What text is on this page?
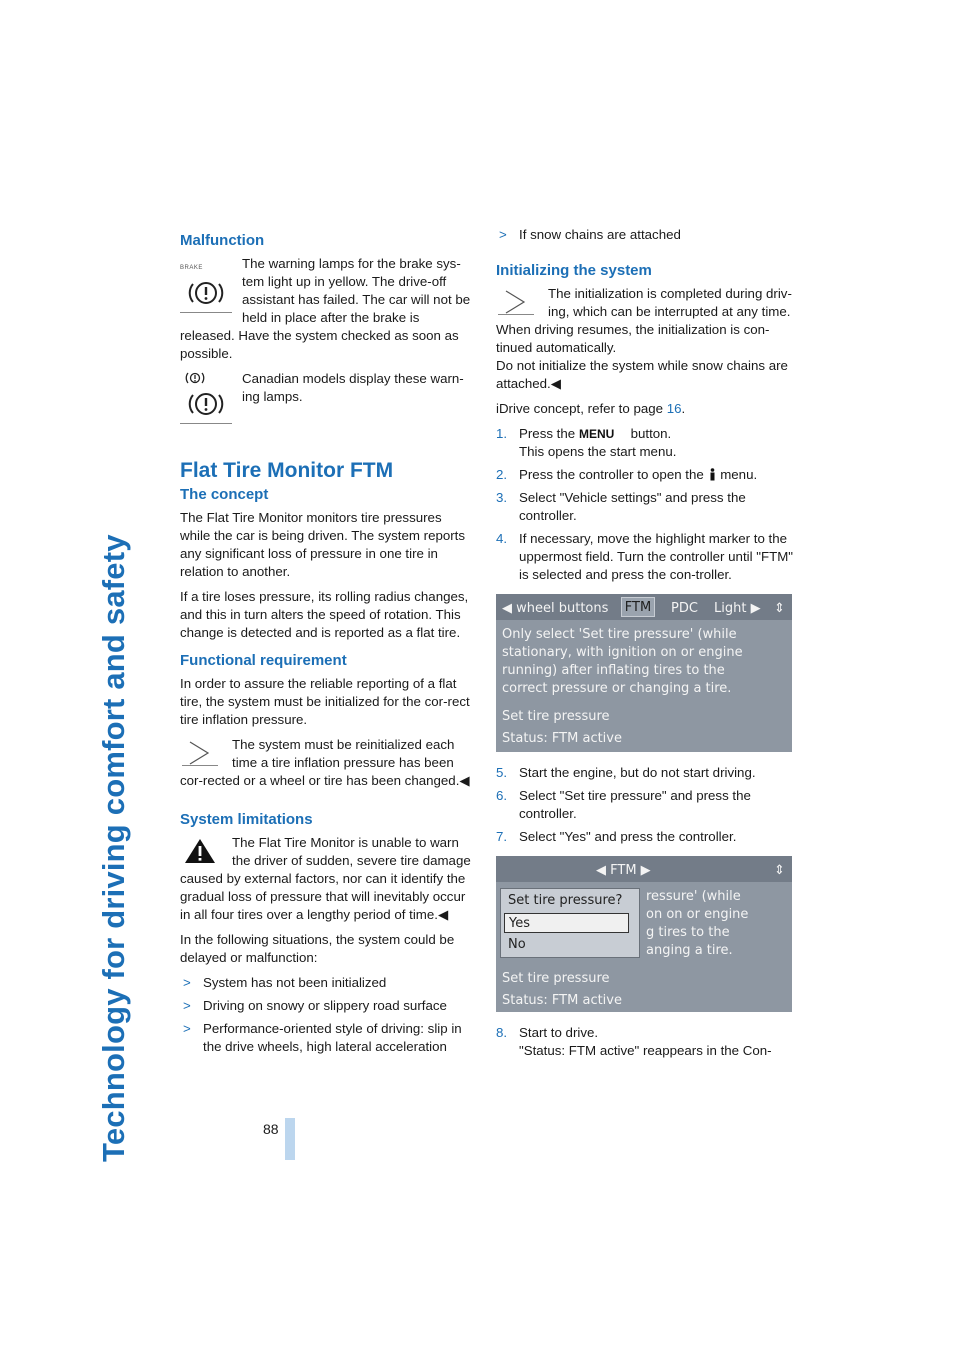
Technology for driving comfort and safety	88
Malfunction
BRAKE	The warning lamps for the brake sys-tem light up in yellow. The drive-off assistant has failed. The car will not be held in place after the brake is released. Have the system checked as soon as possible.

Canadian models display these warn-ing lamps.

Flat Tire Monitor FTM
The concept

The Flat Tire Monitor monitors tire pressures while the car is being driven. The system reports any significant loss of pressure in one tire in relation to another.

If a tire loses pressure, its rolling radius changes, and this in turn alters the speed of rotation. This change is detected and is reported as a flat tire.

Functional requirement

In order to assure the reliable reporting of a flat tire, the system must be initialized for the cor-rect tire inflation pressure.

The system must be reinitialized each time a tire inflation pressure has been cor-rected or a wheel or tire has been changed.◀

System limitations

The Flat Tire Monitor is unable to warn the driver of sudden, severe tire damage caused by external factors, nor can it identify the gradual loss of pressure that will inevitably occur in all four tires over a lengthy period of time.◀

In the following situations, the system could be delayed or malfunction:

> System has not been initialized
> Driving on snowy or slippery road surface
> Performance-oriented style of driving: slip in the drive wheels, high lateral acceleration
> If snow chains are attached
Initializing the system

The initialization is completed during driv-ing, which can be interrupted at any time.

When driving resumes, the initialization is con-tinued automatically.

Do not initialize the system while snow chains are attached.◀

iDrive concept, refer to page 16.

1. Press the MENU button.
This opens the start menu.
2. Press the controller to open the menu.
3. Select "Vehicle settings" and press the controller.
4. If necessary, move the highlight marker to the uppermost field. Turn the controller until "FTM" is selected and press the con-troller.
◀ wheel buttons FTM PDC Light ▶ ⇕
Only select 'Set tire pressure' (while
stationary, with ignition on or engine
running) after inflating tires to the
correct pressure or changing a tire.
Set tire pressure
Status: FTM active
5. Start the engine, but do not start driving.
6. Select "Set tire pressure" and press the controller.
7. Select "Yes" and press the controller.
◀ FTM ▶	⇕
ressure' (while
on on or engine
g tires to the
anging a tire.
Set tire pressure?
Yes
No
Set tire pressure
Status: FTM active
8. Start to drive.
"Status: FTM active" reappears in the Con-
